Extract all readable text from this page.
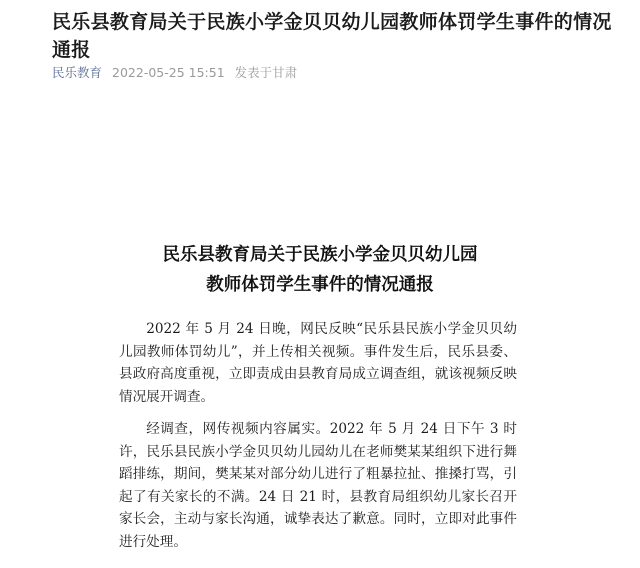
民乐县教育局关于民族小学金贝贝幼儿园教师体罚学生事件的情况通报
民乐教育 2022-05-25 15:51 发表于甘肃
民乐县教育局关于民族小学金贝贝幼儿园
教师体罚学生事件的情况通报

2022 年 5 月 24 日晚，网民反映“民乐县民族小学金贝贝幼儿园教师体罚幼儿”，并上传相关视频。事件发生后，民乐县委、县政府高度重视，立即责成由县教育局成立调查组，就该视频反映情况展开调查。

经调查，网传视频内容属实。2022 年 5 月 24 日下午 3 时许，民乐县民族小学金贝贝幼儿园幼儿在老师樊某某组织下进行舞蹈排练，期间，樊某某对部分幼儿进行了粗暴拉扯、推搡打骂，引起了有关家长的不满。24 日 21 时，县教育局组织幼儿家长召开家长会，主动与家长沟通，诚挚表达了歉意。同时，立即对此事件进行处理。
